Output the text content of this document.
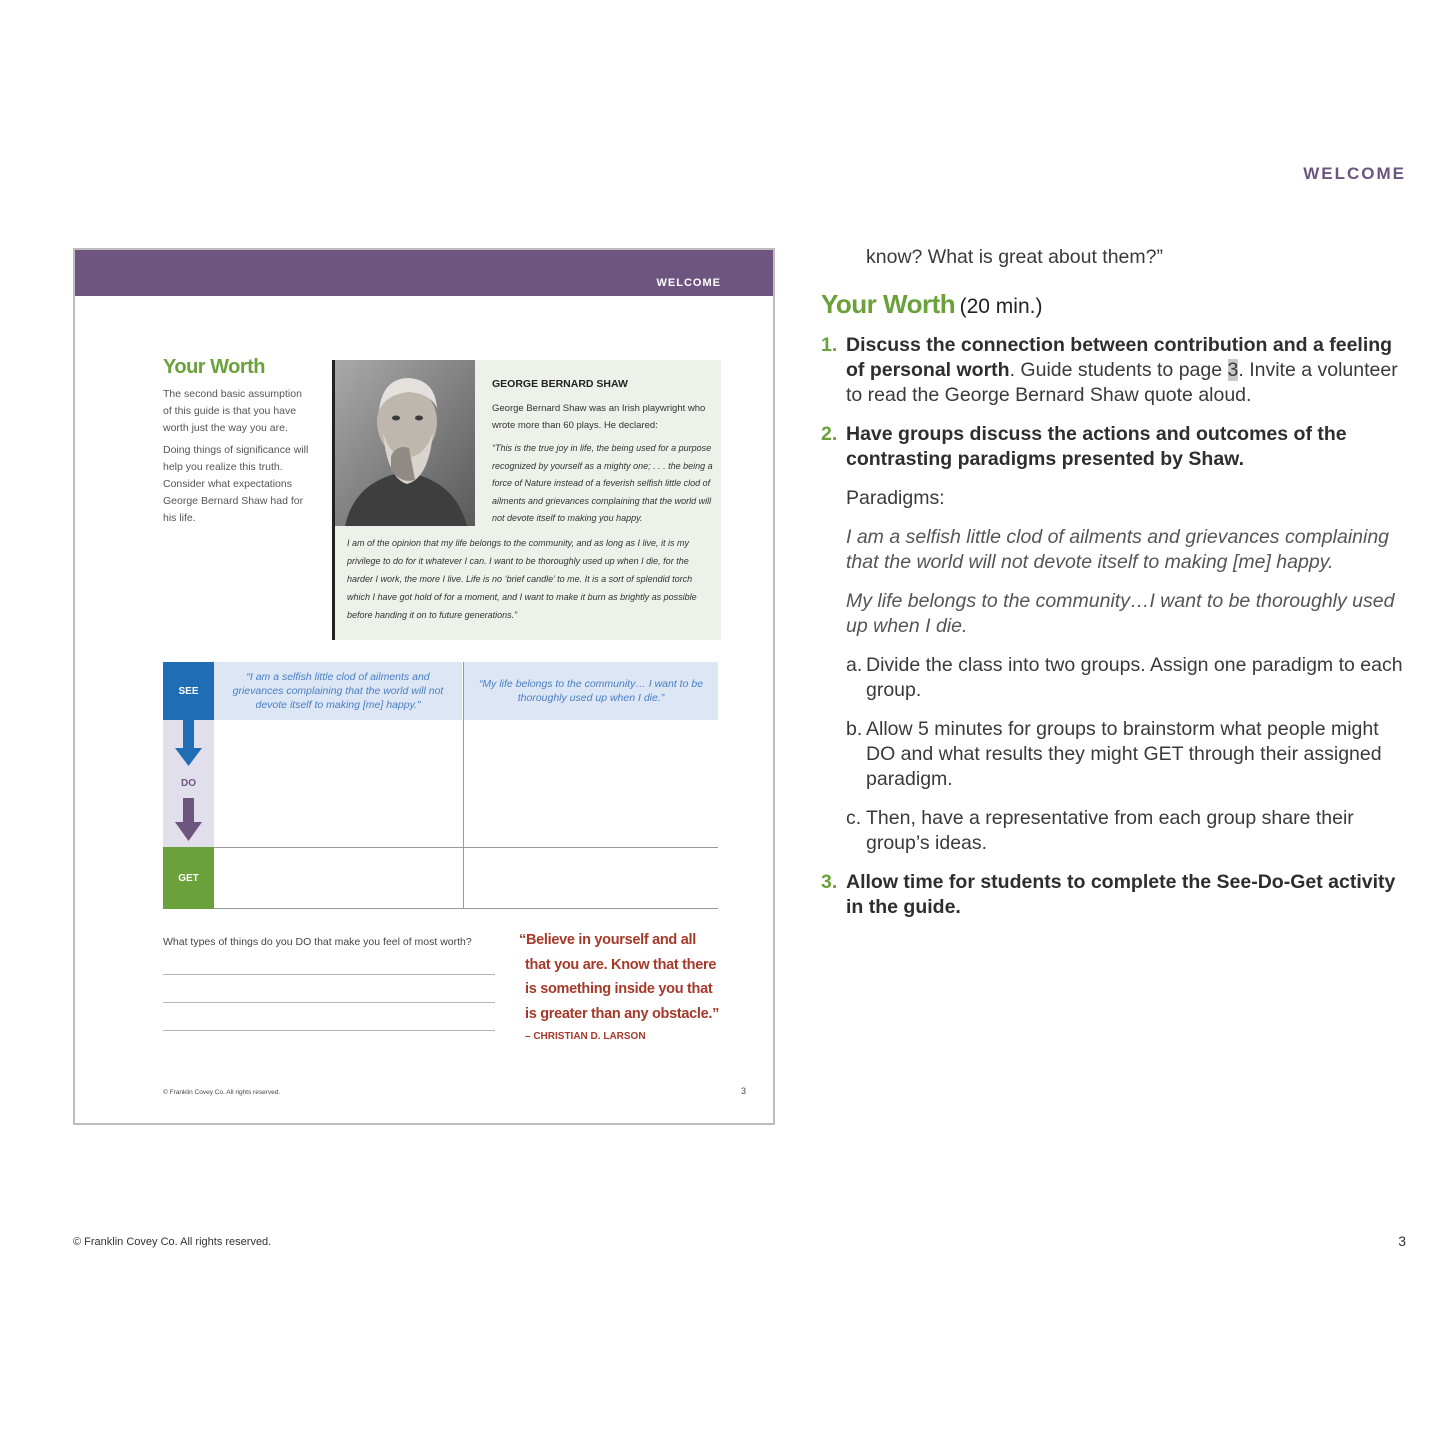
WELCOME
WELCOME
Your Worth
The second basic assumption of this guide is that you have worth just the way you are.
Doing things of significance will help you realize this truth. Consider what expectations George Bernard Shaw had for his life.
GEORGE BERNARD SHAW
George Bernard Shaw was an Irish playwright who wrote more than 60 plays. He declared:
“This is the true joy in life, the being used for a purpose recognized by yourself as a mighty one; . . . the being a force of Nature instead of a feverish selfish little clod of ailments and grievances complaining that the world will not devote itself to making you happy.
I am of the opinion that my life belongs to the community, and as long as I live, it is my privilege to do for it whatever I can. I want to be thoroughly used up when I die, for the harder I work, the more I live. Life is no ‘brief candle’ to me. It is a sort of splendid torch which I have got hold of for a moment, and I want to make it burn as brightly as possible before handing it on to future generations.”
SEE
DO
GET
“I am a selfish little clod of ailments and grievances complaining that the world will not devote itself to making [me] happy.”
“My life belongs to the community… I want to be thoroughly used up when I die.”
What types of things do you DO that make you feel of most worth?	“Believe in yourself and all
that you are. Know that there
is something inside you that
is greater than any obstacle.”
– CHRISTIAN D. LARSON
© Franklin Covey Co. All rights reserved.	3
know? What is great about them?”
Your Worth (20 min.)
1. Discuss the connection between contribution and a feeling of personal worth. Guide students to page 3. Invite a volunteer to read the George Bernard Shaw quote aloud.
2. Have groups discuss the actions and outcomes of the contrasting paradigms presented by Shaw.
Paradigms:
I am a selfish little clod of ailments and grievances complaining that the world will not devote itself to making [me] happy.
My life belongs to the community…I want to be thoroughly used up when I die.
a. Divide the class into two groups. Assign one paradigm to each group.
b. Allow 5 minutes for groups to brainstorm what people might DO and what results they might GET through their assigned paradigm.
c. Then, have a representative from each group share their group’s ideas.
3. Allow time for students to complete the See-Do-Get activity in the guide.
© Franklin Covey Co. All rights reserved.	3
